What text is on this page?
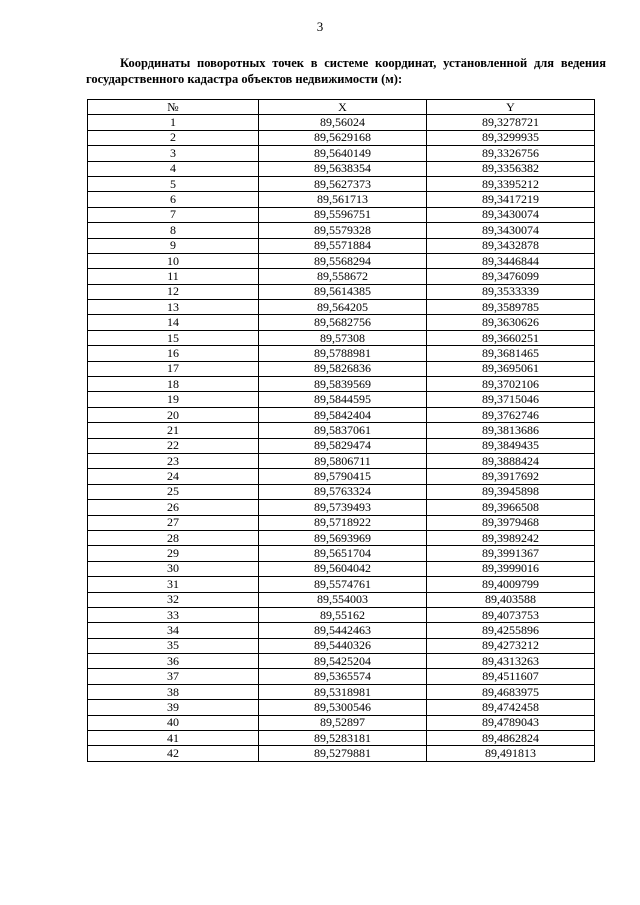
3
Координаты поворотных точек в системе координат, установленной для ведения государственного кадастра объектов недвижимости (м):
№	X	Y
1	89,56024	89,3278721
2	89,5629168	89,3299935
3	89,5640149	89,3326756
4	89,5638354	89,3356382
5	89,5627373	89,3395212
6	89,561713	89,3417219
7	89,5596751	89,3430074
8	89,5579328	89,3430074
9	89,5571884	89,3432878
10	89,5568294	89,3446844
11	89,558672	89,3476099
12	89,5614385	89,3533339
13	89,564205	89,3589785
14	89,5682756	89,3630626
15	89,57308	89,3660251
16	89,5788981	89,3681465
17	89,5826836	89,3695061
18	89,5839569	89,3702106
19	89,5844595	89,3715046
20	89,5842404	89,3762746
21	89,5837061	89,3813686
22	89,5829474	89,3849435
23	89,5806711	89,3888424
24	89,5790415	89,3917692
25	89,5763324	89,3945898
26	89,5739493	89,3966508
27	89,5718922	89,3979468
28	89,5693969	89,3989242
29	89,5651704	89,3991367
30	89,5604042	89,3999016
31	89,5574761	89,4009799
32	89,554003	89,403588
33	89,55162	89,4073753
34	89,5442463	89,4255896
35	89,5440326	89,4273212
36	89,5425204	89,4313263
37	89,5365574	89,4511607
38	89,5318981	89,4683975
39	89,5300546	89,4742458
40	89,52897	89,4789043
41	89,5283181	89,4862824
42	89,5279881	89,491813
